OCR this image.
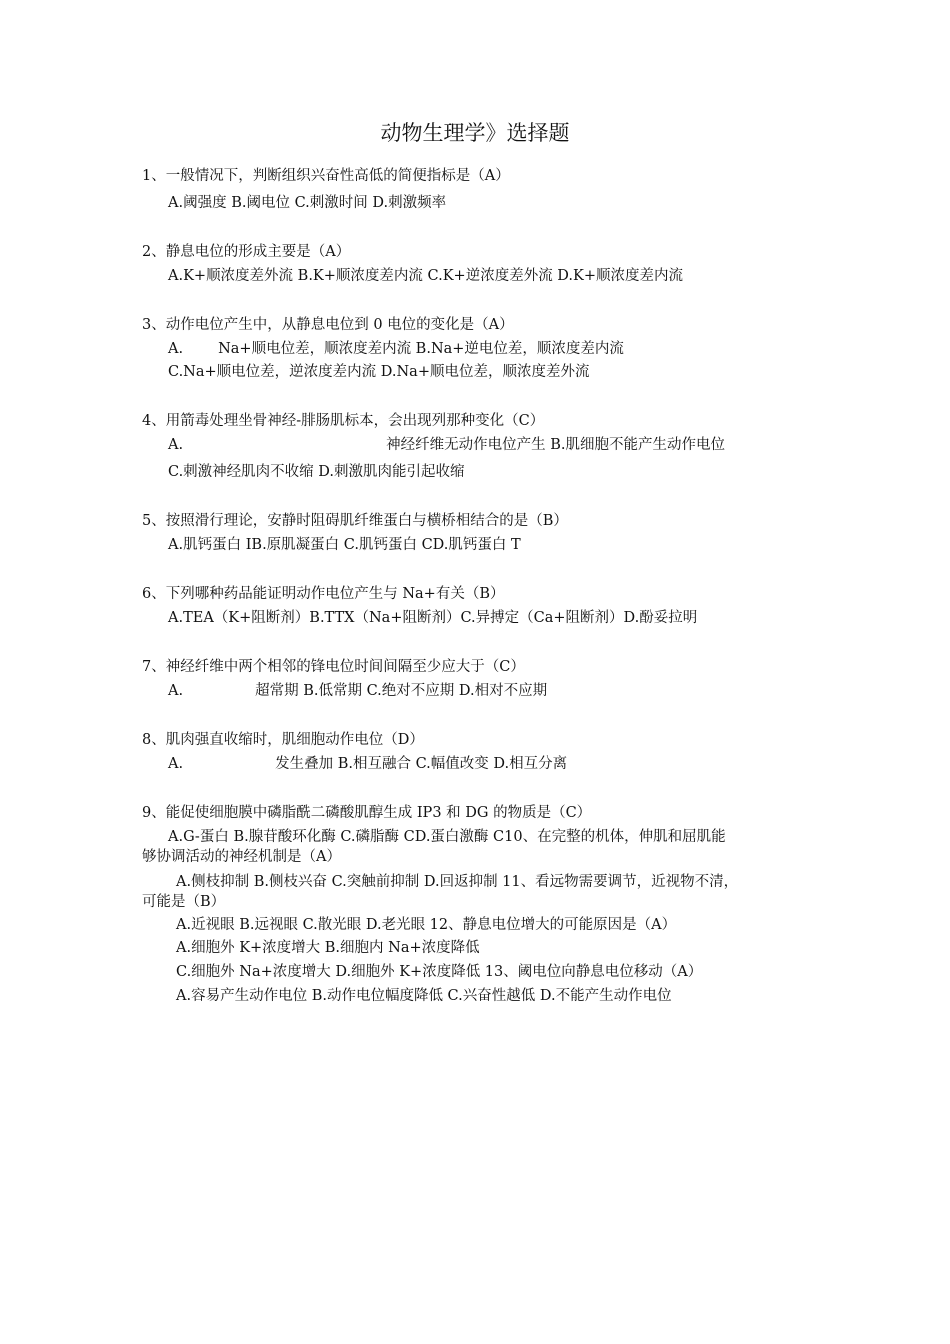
动物生理学》选择题
1、一般情况下，判断组织兴奋性高低的简便指标是（A）
A.阈强度 B.阈电位 C.刺激时间 D.刺激频率
2、静息电位的形成主要是（A）
A.K+顺浓度差外流 B.K+顺浓度差内流 C.K+逆浓度差外流 D.K+顺浓度差内流
3、动作电位产生中，从静息电位到 0 电位的变化是（A）
A. Na+顺电位差，顺浓度差内流 B.Na+逆电位差，顺浓度差内流
C.Na+顺电位差，逆浓度差内流 D.Na+顺电位差，顺浓度差外流
4、用箭毒处理坐骨神经-腓肠肌标本，会出现列那种变化（C）
A.	神经纤维无动作电位产生 B.肌细胞不能产生动作电位
C.刺激神经肌肉不收缩 D.刺激肌肉能引起收缩
5、按照滑行理论，安静时阻碍肌纤维蛋白与横桥相结合的是（B）
A.肌钙蛋白 IB.原肌凝蛋白 C.肌钙蛋白 CD.肌钙蛋白 T
6、下列哪种药品能证明动作电位产生与 Na+有关（B）
A.TEA（K+阻断剂）B.TTX（Na+阻断剂）C.异搏定（Ca+阻断剂）D.酚妥拉明
7、神经纤维中两个相邻的锋电位时间间隔至少应大于（C）
A.	超常期 B.低常期 C.绝对不应期 D.相对不应期
8、肌肉强直收缩时，肌细胞动作电位（D）
A.	发生叠加 B.相互融合 C.幅值改变 D.相互分离
9、能促使细胞膜中磷脂酰二磷酸肌醇生成 IP3 和 DG 的物质是（C）
A.G-蛋白 B.腺苷酸环化酶 C.磷脂酶 CD.蛋白激酶 C10、在完整的机体，伸肌和屈肌能
够协调活动的神经机制是（A）
A.侧枝抑制 B.侧枝兴奋 C.突触前抑制 D.回返抑制 11、看远物需要调节，近视物不清，
可能是（B）
A.近视眼 B.远视眼 C.散光眼 D.老光眼 12、静息电位增大的可能原因是（A）
A.细胞外 K+浓度增大 B.细胞内 Na+浓度降低
C.细胞外 Na+浓度增大 D.细胞外 K+浓度降低 13、阈电位向静息电位移动（A）
A.容易产生动作电位 B.动作电位幅度降低 C.兴奋性越低 D.不能产生动作电位
